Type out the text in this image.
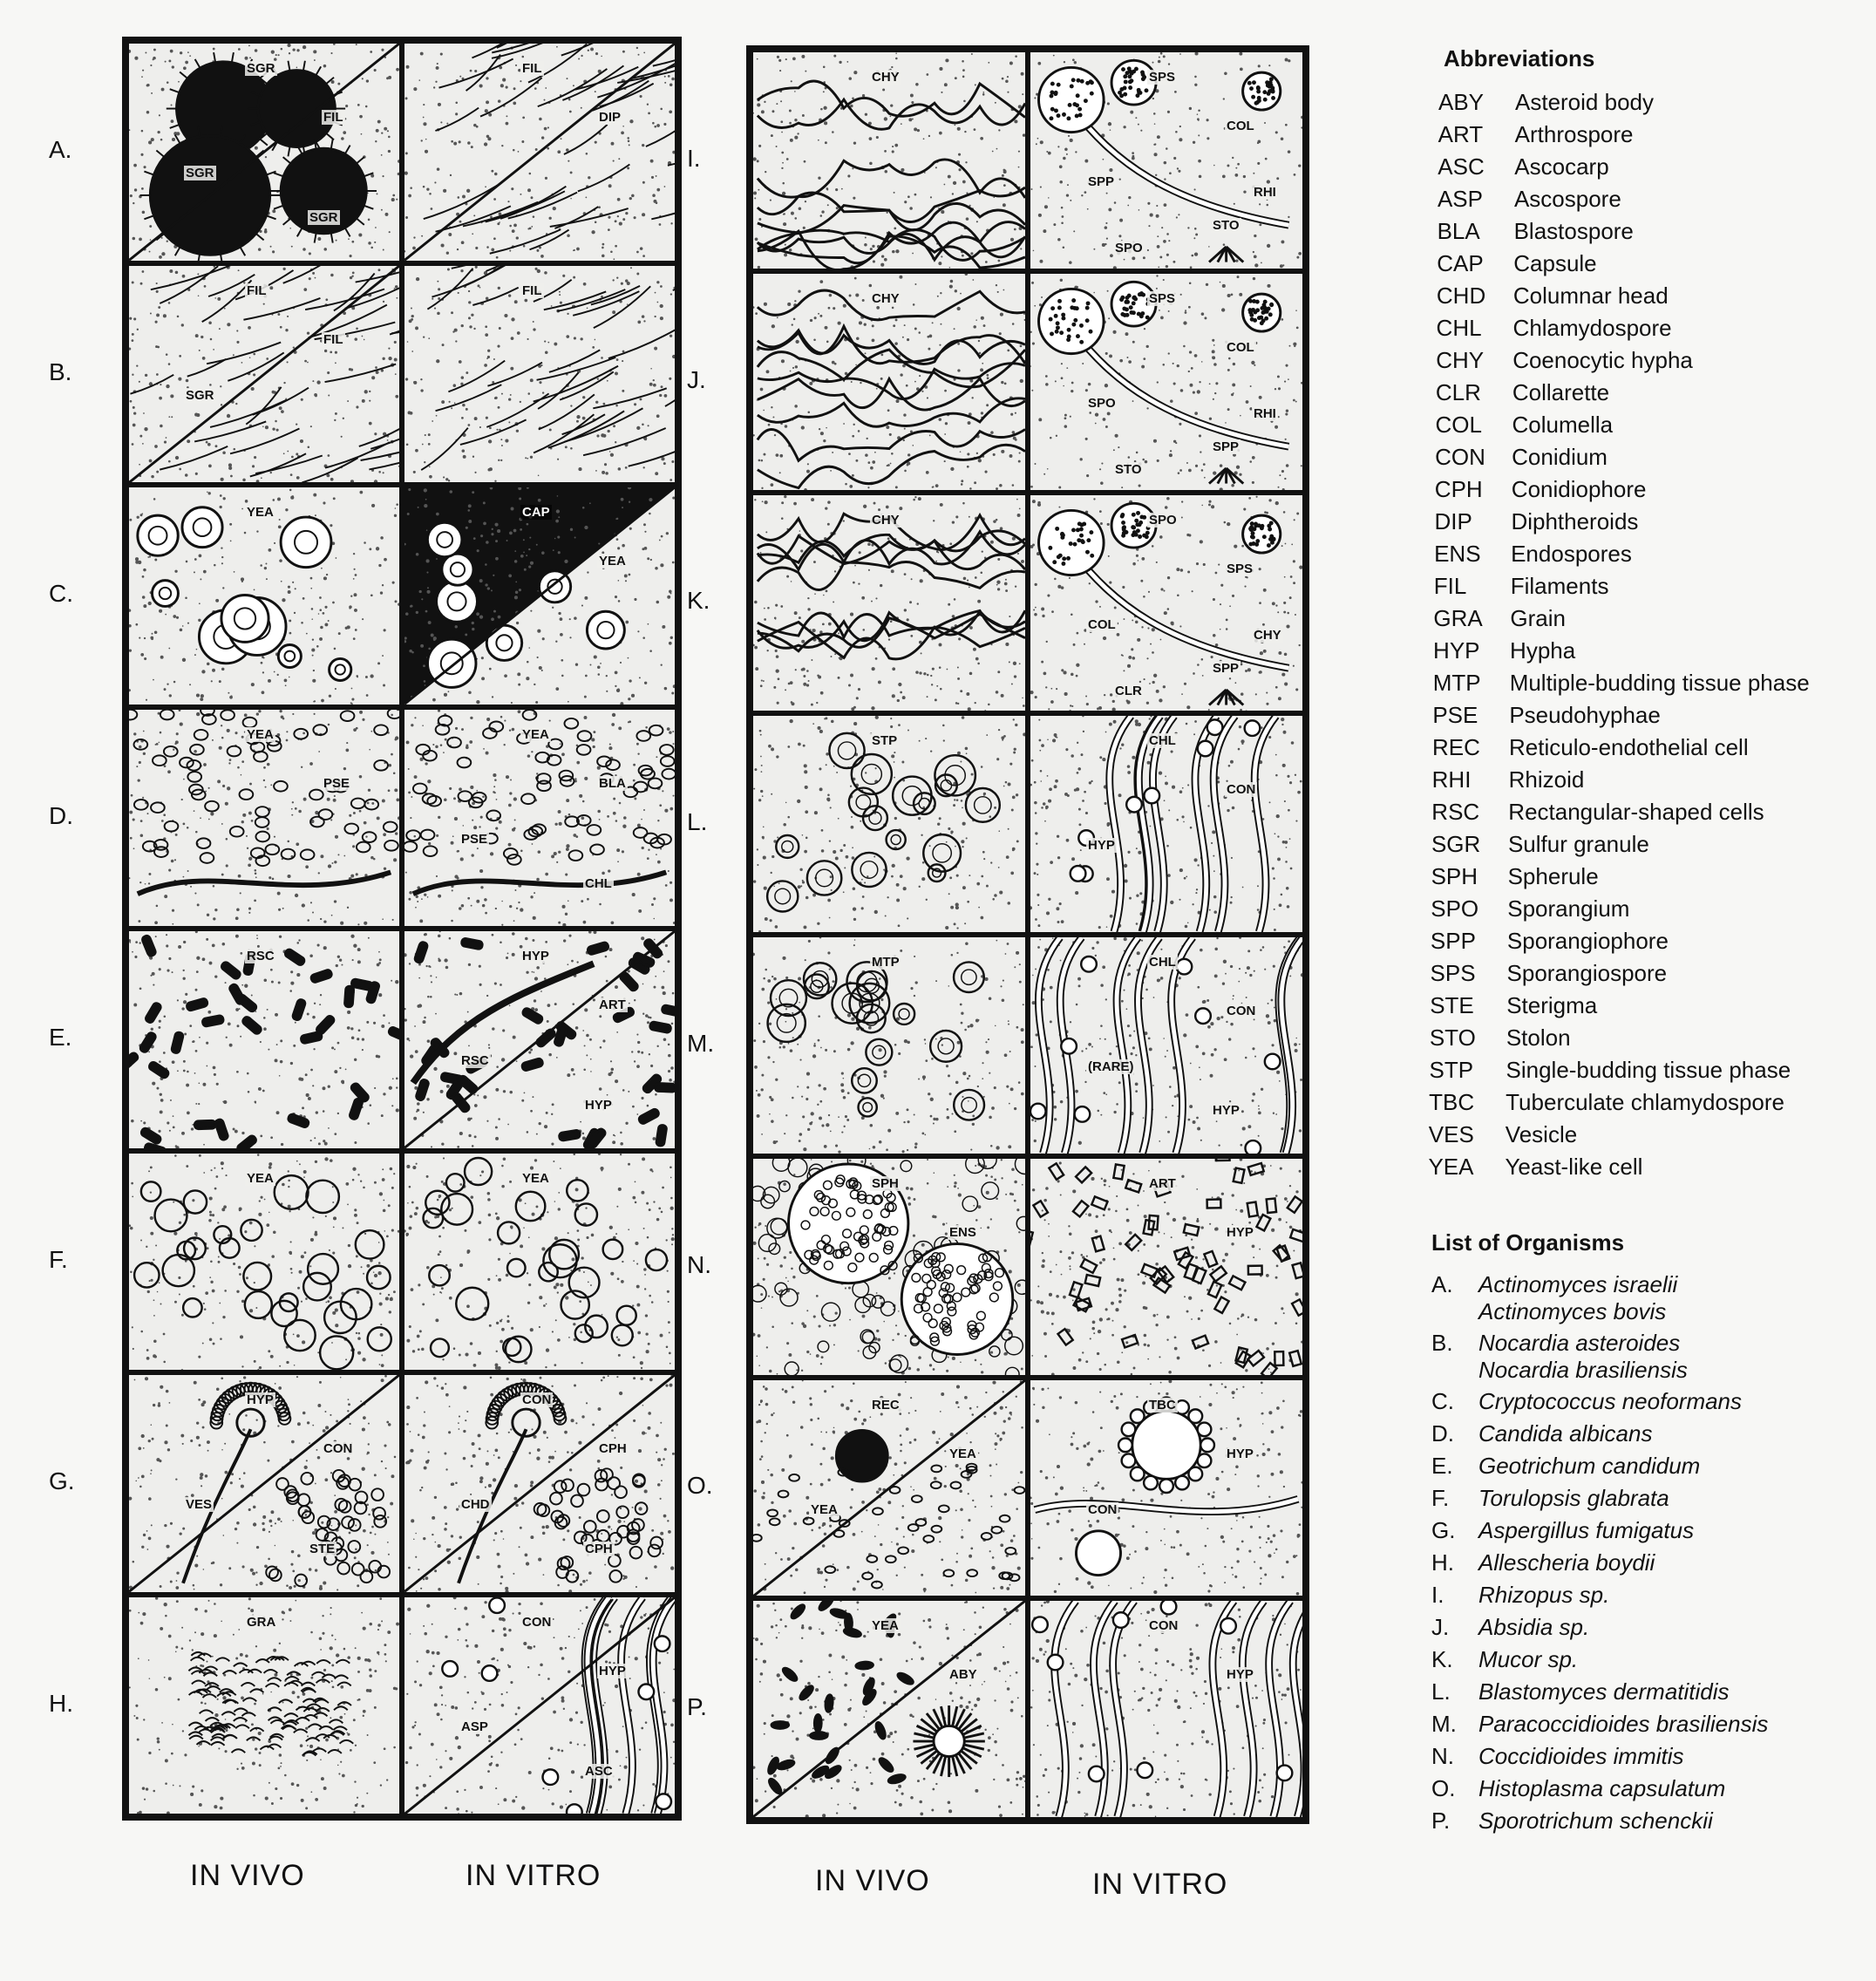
SGR
FIL
SGR
SGR
FIL
DIP
FIL
FIL
SGR
FIL
YEA	CAP
YEA
YEA
PSE
YEA
BLA
PSE
CHL
RSC	HYP
ART
RSC
HYP
YEA	YEA
HYP
CON
VES
STE
CON
CPH
CHD
CPH
GRA	CON
HYP
ASP
ASC
A.
B.
C.
D.
E.
F.
G.
H.
IN VIVO	IN VITRO
CHY	SPS
COL
SPP
STO
SPO
RHI
CHY	SPS
COL
SPO
SPP
STO
RHI
CHY	SPO
SPS
COL
SPP
CLR
CHY
STP	CHL
CON
HYP
MTP	CHL
CON
(RARE)
HYP
SPH
ENS
ART
HYP
REC
YEA
YEA
TBC
HYP
CON
YEA
ABY
CON
HYP
I.
J.
K.
L.
M.
N.
O.
P.
IN VIVO	IN VITRO
Abbreviations
ABY	Asteroid body
ART	Arthrospore
ASC	Ascocarp
ASP	Ascospore
BLA	Blastospore
CAP	Capsule
CHD	Columnar head
CHL	Chlamydospore
CHY	Coenocytic hypha
CLR	Collarette
COL	Columella
CON	Conidium
CPH	Conidiophore
DIP	Diphtheroids
ENS	Endospores
FIL	Filaments
GRA	Grain
HYP	Hypha
MTP	Multiple-budding tissue phase
PSE	Pseudohyphae
REC	Reticulo-endothelial cell
RHI	Rhizoid
RSC	Rectangular-shaped cells
SGR	Sulfur granule
SPH	Spherule
SPO	Sporangium
SPP	Sporangiophore
SPS	Sporangiospore
STE	Sterigma
STO	Stolon
STP	Single-budding tissue phase
TBC	Tuberculate chlamydospore
VES	Vesicle
YEA	Yeast-like cell
List of Organisms
A. Actinomyces israelii
Actinomyces bovis
B. Nocardia asteroides
Nocardia brasiliensis
C. Cryptococcus neoformans
D. Candida albicans
E. Geotrichum candidum
F. Torulopsis glabrata
G. Aspergillus fumigatus
H. Allescheria boydii
I. Rhizopus sp.
J. Absidia sp.
K. Mucor sp.
L. Blastomyces dermatitidis
M. Paracoccidioides brasiliensis
N. Coccidioides immitis
O. Histoplasma capsulatum
P. Sporotrichum schenckii
